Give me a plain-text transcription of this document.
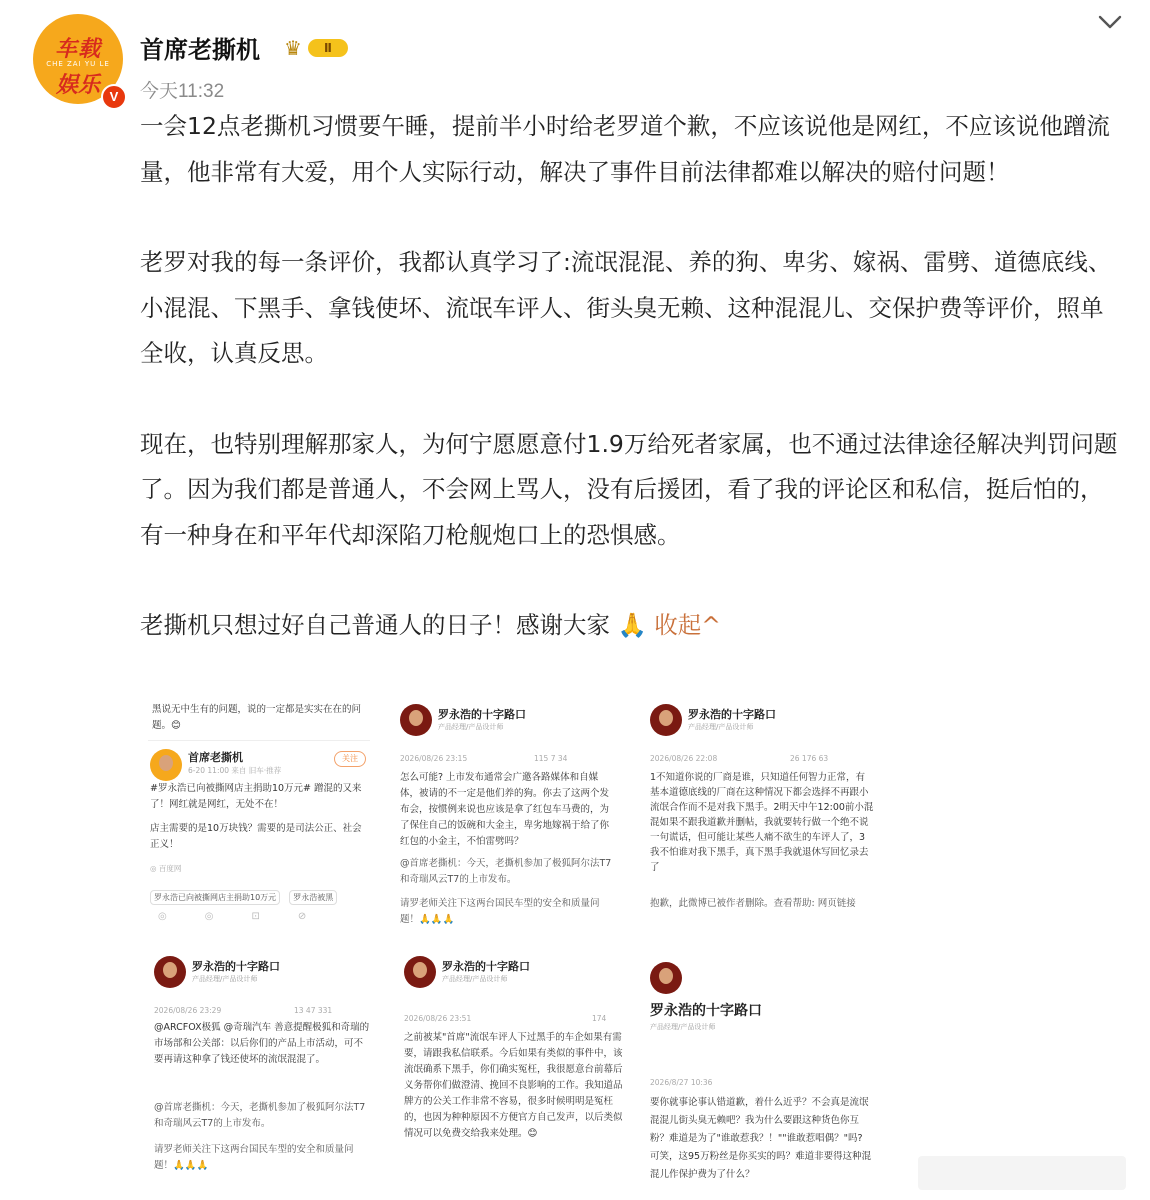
车载
CHE ZAI YU LE
娱乐 V
首席老撕机 ♛	Ⅱ
今天11:32

一会12点老撕机习惯要午睡，提前半小时给老罗道个歉，不应该说他是网红，不应该说他蹭流量，他非常有大爱，用个人实际行动，解决了事件目前法律都难以解决的赔付问题！

老罗对我的每一条评价，我都认真学习了:流氓混混、养的狗、卑劣、嫁祸、雷劈、道德底线、小混混、下黑手、拿钱使坏、流氓车评人、街头臭无赖、这种混混儿、交保护费等评价，照单全收，认真反思。

现在，也特别理解那家人，为何宁愿愿意付1.9万给死者家属，也不通过法律途径解决判罚问题了。因为我们都是普通人，不会网上骂人，没有后援团，看了我的评论区和私信，挺后怕的，有一种身在和平年代却深陷刀枪舰炮口上的恐惧感。

老撕机只想过好自己普通人的日子！感谢大家 🙏 收起^

黑说无中生有的问题，说的一定都是实实在在的问题。😊
首席老撕机
6-20 11:00 来自 旧车·推荐
关注
#罗永浩已向被撕网店主捐助10万元# 蹭混的又来了！网红就是网红，无处不在！
店主需要的是10万块钱？需要的是司法公正、社会正义！
◎ 百度网
罗永浩已向被撕网店主捐助10万元 罗永浩被黑
◎◎⊡⊘
罗永浩的十字路口
产品经理/产品设计师
2026/08/26 23:15	115 7 34
怎么可能? 上市发布通常会广邀各路媒体和自媒体，被请的不一定是他们养的狗。你去了这两个发布会，按惯例来说也应该是拿了红包车马费的，为了保住自己的饭碗和大金主，卑劣地嫁祸于给了你红包的小金主，不怕雷劈吗？
@首席老撕机：今天，老撕机参加了极狐阿尔法T7和奇瑞风云T7的上市发布。
请罗老师关注下这两台国民车型的安全和质量问题！🙏🙏🙏
罗永浩的十字路口
产品经理/产品设计师
2026/08/26 22:08	26 176 63
1不知道你说的厂商是谁，只知道任何智力正常，有基本道德底线的厂商在这种情况下都会选择不再跟小流氓合作而不是对我下黑手。2明天中午12:00前小混混如果不跟我道歉并删帖，我就要转行做一个绝不说一句谎话，但可能让某些人痛不欲生的车评人了，3我不怕谁对我下黑手，真下黑手我就退休写回忆录去了
抱歉，此微博已被作者删除。查看帮助: 网页链接
罗永浩的十字路口
产品经理/产品设计师
2026/08/26 23:29	13 47 331
@ARCFOX极狐 @奇瑞汽车 善意提醒极狐和奇瑞的市场部和公关部：以后你们的产品上市活动，可不要再请这种拿了钱还使坏的流氓混混了。
@首席老撕机：今天，老撕机参加了极狐阿尔法T7和奇瑞风云T7的上市发布。
请罗老师关注下这两台国民车型的安全和质量问题！🙏🙏🙏
罗永浩的十字路口
产品经理/产品设计师
2026/08/26 23:51	174
之前被某"首席"流氓车评人下过黑手的车企如果有需要，请跟我私信联系。今后如果有类似的事件中，该流氓确系下黑手，你们确实冤枉，我很愿意台前幕后义务帮你们做澄清、挽回不良影响的工作。我知道品牌方的公关工作非常不容易，很多时候明明是冤枉的，也因为种种原因不方便官方自己发声，以后类似情况可以免费交给我来处理。😊
罗永浩的十字路口
产品经理/产品设计师
2026/8/27 10:36
要你就事论事认错道歉，着什么近乎？不会真是流氓混混儿街头臭无赖吧？我为什么要跟这种货色你互粉？难道是为了"谁敢惹我？！""谁敢惹唱偶？"吗? 可笑，这95万粉丝是你买实的吗？难道非要得这种混混儿作保护费为了什么？
